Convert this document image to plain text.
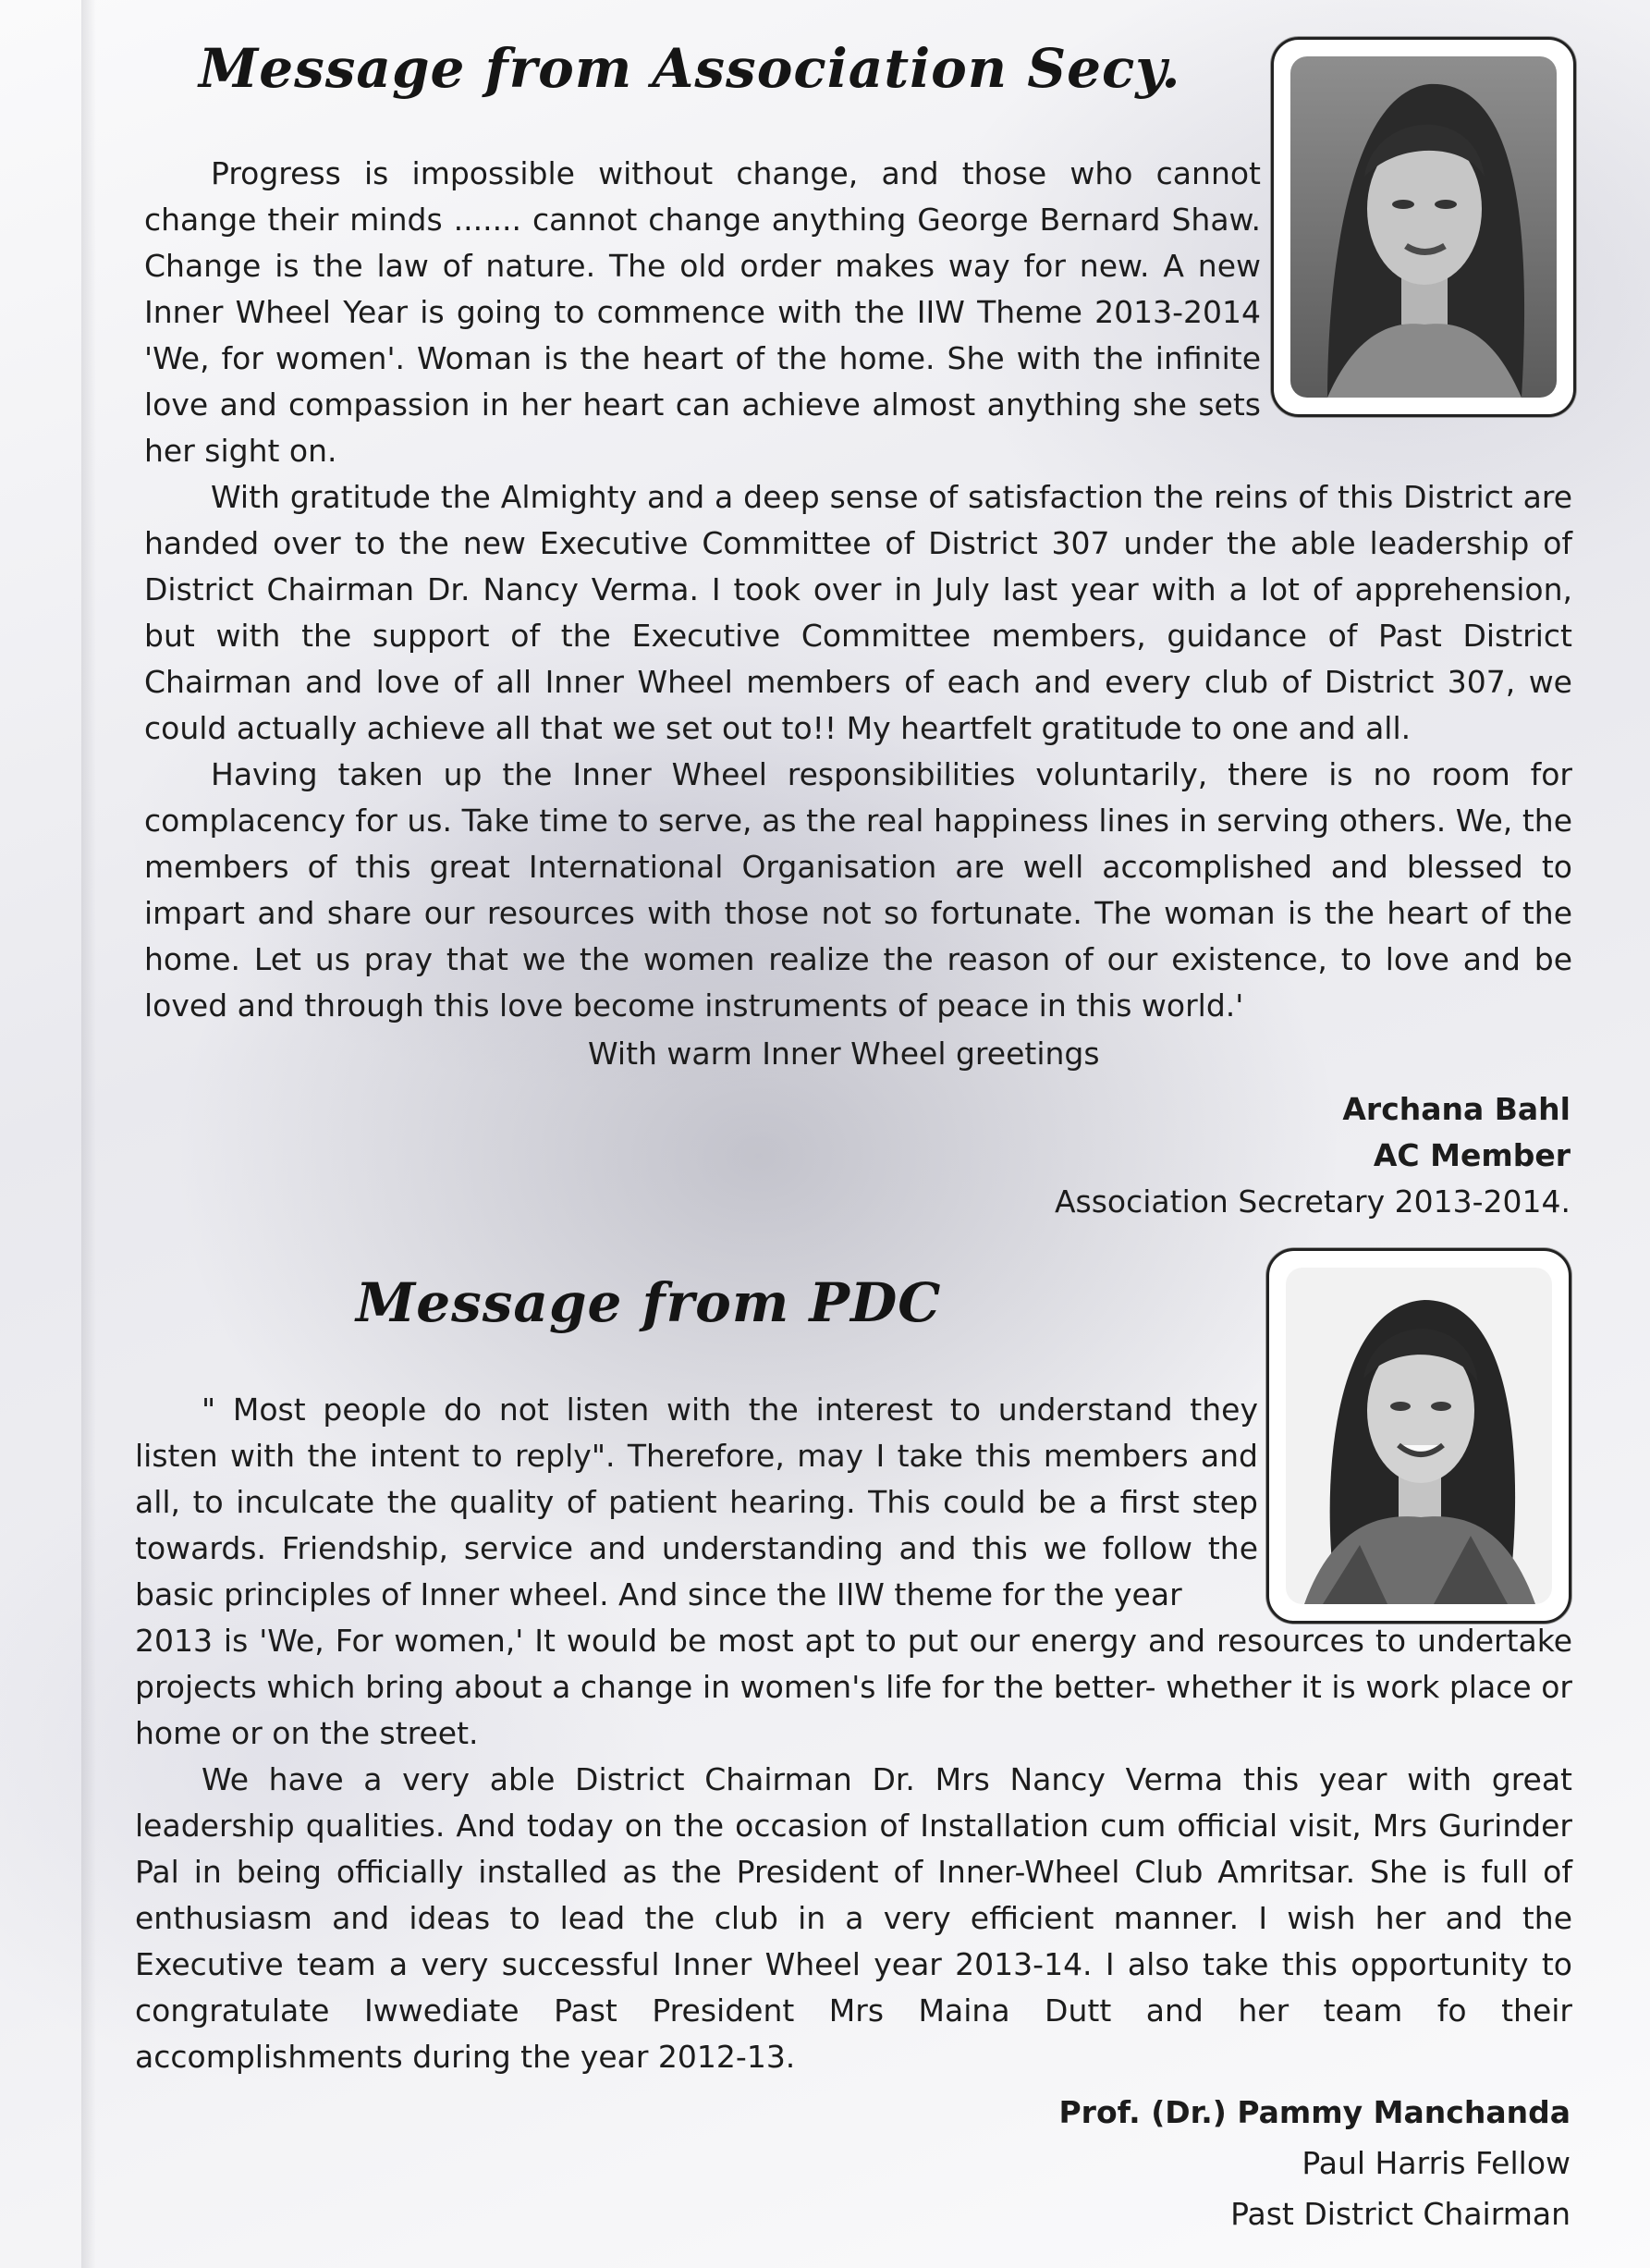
Message from Association Secy.

Progress is impossible without change, and those who cannot change their minds ....... cannot change anything George Bernard Shaw. Change is the law of nature. The old order makes way for new. A new Inner Wheel Year is going to commence with the IIW Theme 2013-2014 'We, for women'. Woman is the heart of the home. She with the infinite love and compassion in her heart can achieve almost anything she sets her sight on.

With gratitude the Almighty and a deep sense of satisfaction the reins of this District are handed over to the new Executive Committee of District 307 under the able leadership of District Chairman Dr. Nancy Verma. I took over in July last year with a lot of apprehension, but with the support of the Executive Committee members, guidance of Past District Chairman and love of all Inner Wheel members of each and every club of District 307, we could actually achieve all that we set out to!! My heartfelt gratitude to one and all.

Having taken up the Inner Wheel responsibilities voluntarily, there is no room for complacency for us. Take time to serve, as the real happiness lines in serving others. We, the members of this great International Organisation are well accomplished and blessed to impart and share our resources with those not so fortunate. The woman is the heart of the home. Let us pray that we the women realize the reason of our existence, to love and be loved and through this love become instruments of peace in this world.'

With warm Inner Wheel greetings

Archana Bahl

AC Member

Association Secretary 2013-2014.

Message from PDC

" Most people do not listen with the interest to understand they listen with the intent to reply". Therefore, may I take this members and all, to inculcate the quality of patient hearing. This could be a first step towards. Friendship, service and understanding and this we follow the basic principles of Inner wheel. And since the IIW theme for the year

2013 is 'We, For women,' It would be most apt to put our energy and resources to undertake projects which bring about a change in women's life for the better- whether it is work place or home or on the street.

We have a very able District Chairman Dr. Mrs Nancy Verma this year with great leadership qualities. And today on the occasion of Installation cum official visit, Mrs Gurinder Pal in being officially installed as the President of Inner-Wheel Club Amritsar. She is full of enthusiasm and ideas to lead the club in a very efficient manner. I wish her and the Executive team a very successful Inner Wheel year 2013-14. I also take this opportunity to congratulate Iwwediate Past President Mrs Maina Dutt and her team fo their accomplishments during the year 2012-13.

Prof. (Dr.) Pammy Manchanda

Paul Harris Fellow

Past District Chairman
